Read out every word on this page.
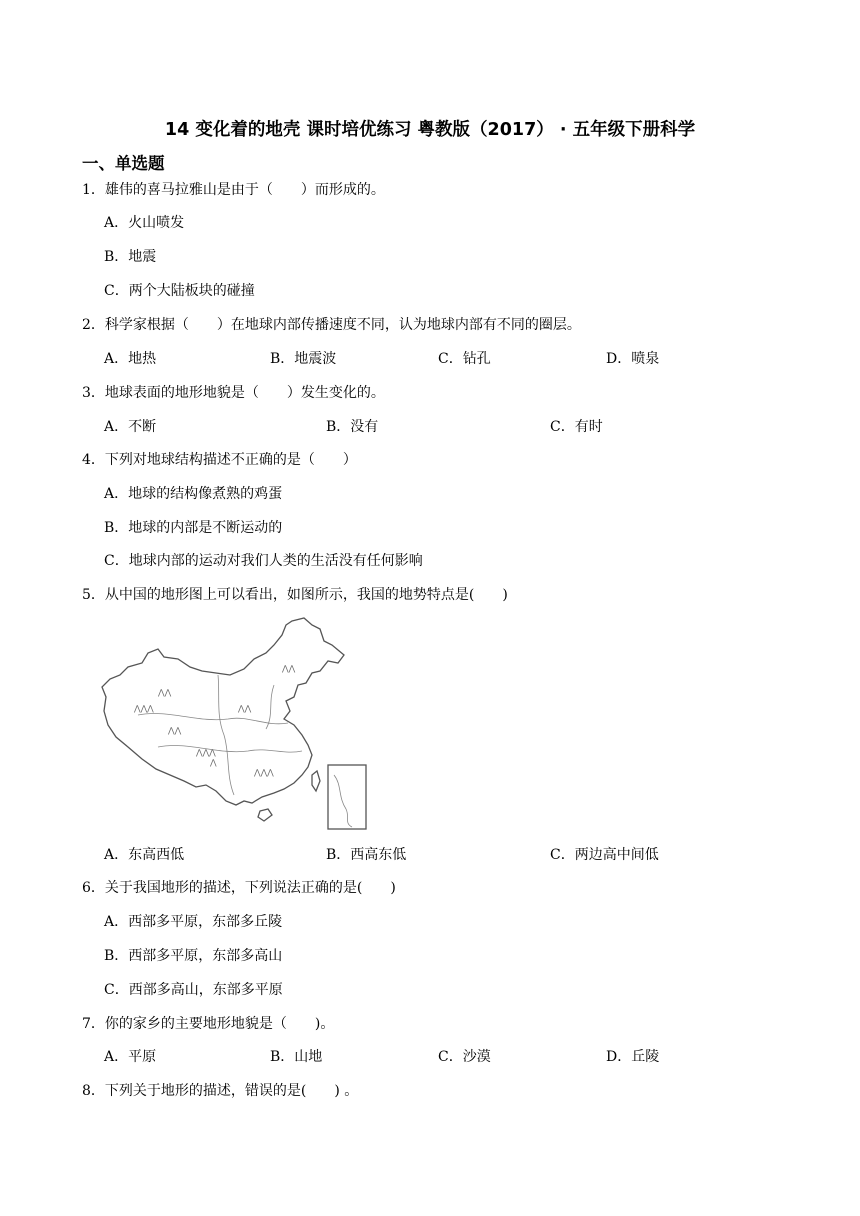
14 变化着的地壳 课时培优练习 粤教版（2017） · 五年级下册科学
一、单选题
1．雄伟的喜马拉雅山是由于（　　）而形成的。
A．火山喷发
B．地震
C．两个大陆板块的碰撞
2．科学家根据（　　）在地球内部传播速度不同，认为地球内部有不同的圈层。
A．地热	B．地震波	C．钻孔	D．喷泉
3．地球表面的地形地貌是（　　）发生变化的。
A．不断	B．没有	C．有时
4．下列对地球结构描述不正确的是（　　）
A．地球的结构像煮熟的鸡蛋
B．地球的内部是不断运动的
C．地球内部的运动对我们人类的生活没有任何影响
5．从中国的地形图上可以看出，如图所示，我国的地势特点是(　　)
⋀⋀⋀
⋀⋀
⋀⋀⋀
⋀⋀
⋀⋀
⋀⋀⋀
⋀
⋀⋀
A．东高西低	B．西高东低	C．两边高中间低
6．关于我国地形的描述，下列说法正确的是(　　)
A．西部多平原，东部多丘陵
B．西部多平原，东部多高山
C．西部多高山，东部多平原
7．你的家乡的主要地形地貌是（　　)。
A．平原	B．山地	C．沙漠	D．丘陵
8．下列关于地形的描述，错误的是(　　) 。
